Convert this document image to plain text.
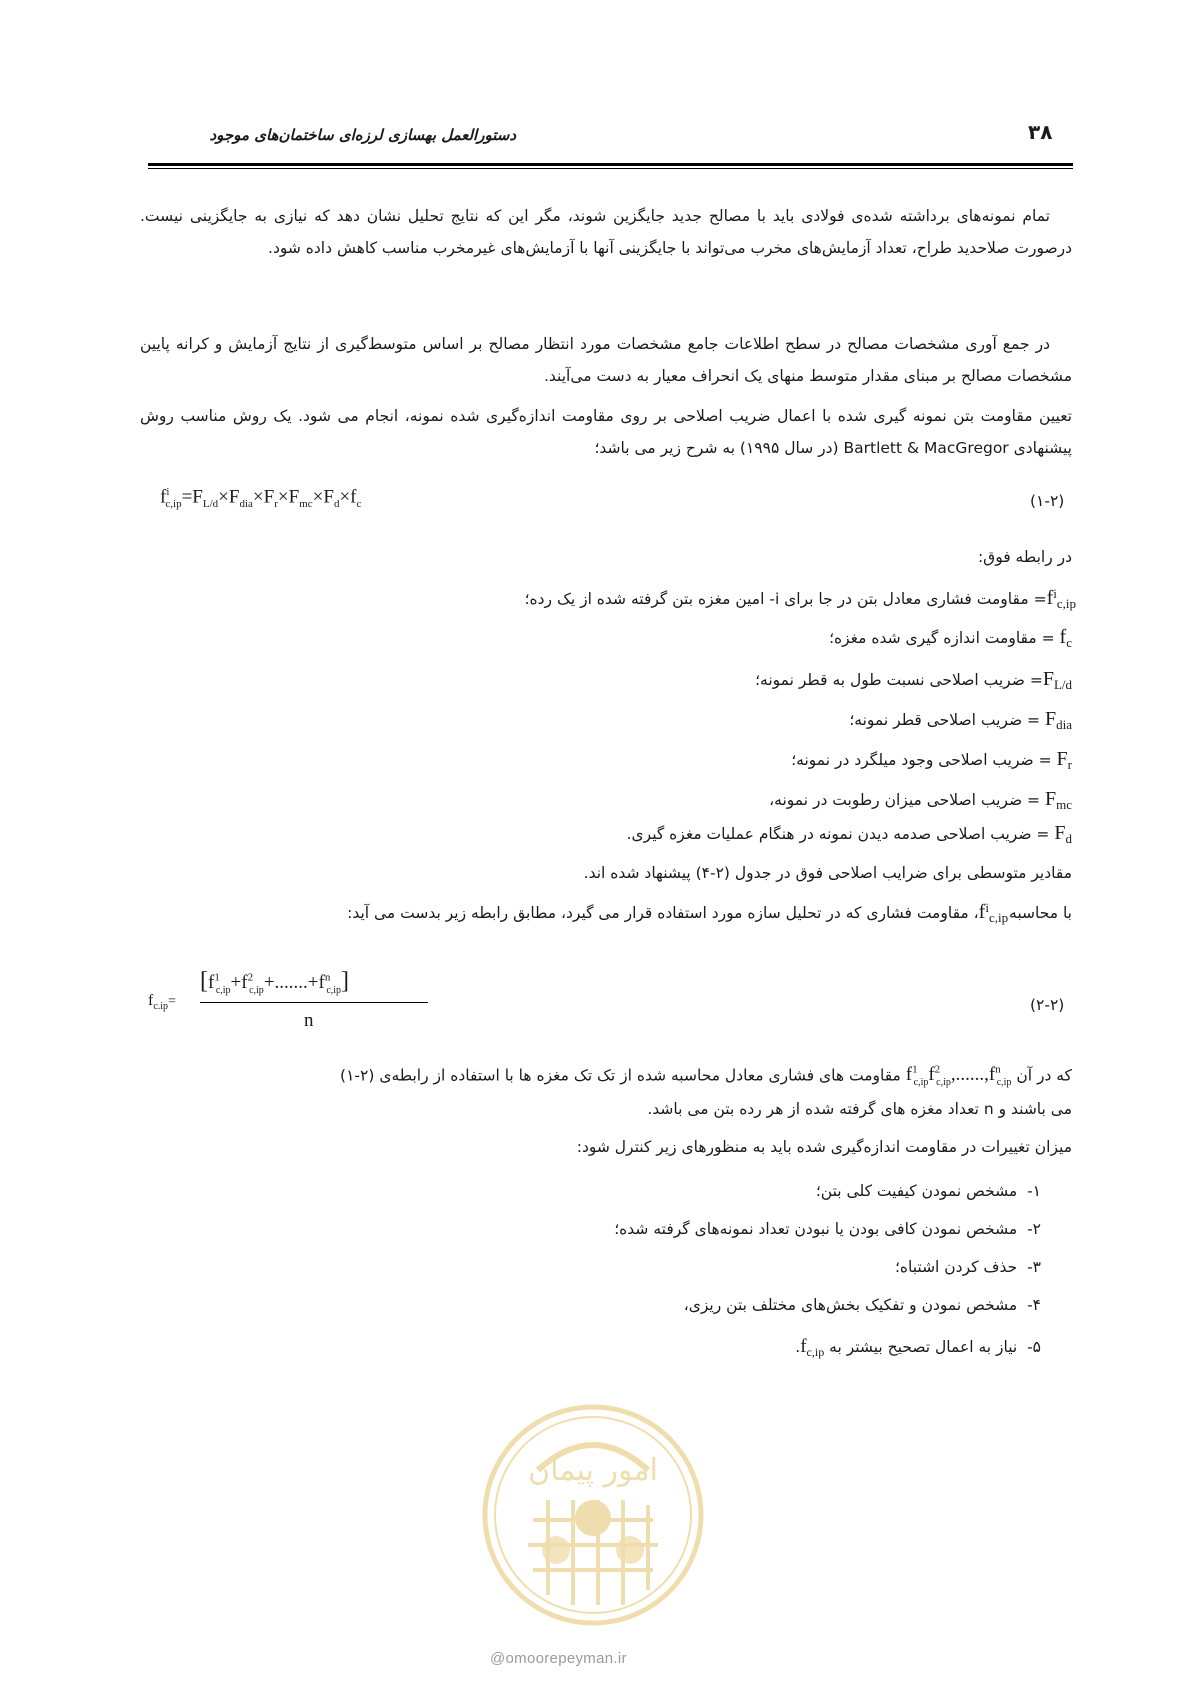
۳۸
دستورالعمل بهسازی لرزه‌ای ساختمان‌های موجود
تمام نمونه‌های برداشته شده‌ی فولادی باید با مصالح جدید جایگزین شوند، مگر این که نتایج تحلیل نشان دهد که نیازی به جایگزینی نیست. درصورت صلاحدید طراح، تعداد آزمایش‌های مخرب می‌تواند با جایگزینی آنها با آزمایش‌های غیرمخرب مناسب کاهش داده شود.
در جمع آوری مشخصات مصالح در سطح اطلاعات جامع مشخصات مورد انتظار مصالح بر اساس متوسط‌گیری از نتایج آزمایش و کرانه پایین مشخصات مصالح بر مبنای مقدار متوسط منهای یک انحراف معیار به دست می‌آیند.
تعیین مقاومت بتن نمونه گیری شده با اعمال ضریب اصلاحی بر روی مقاومت اندازه‌گیری شده نمونه، انجام می شود. یک روش مناسب روش پیشنهادی Bartlett & MacGregor (در سال ۱۹۹۵) به شرح زیر می باشد؛
$f^i_{c,ip}=F_{L/d}\times F_{dia}\times F_r\times F_{mc}\times F_d\times f_c$	(۱-۲)
در رابطه فوق:
$f^i_{c,ip}=$ مقاومت فشاری معادل بتن در جا برای i- امین مغزه بتن گرفته شده از یک رده؛
$f_c$ = مقاومت اندازه گیری شده مغزه؛
$F_{L/d}=$ ضریب اصلاحی نسبت طول به قطر نمونه؛
$F_{dia}$ = ضریب اصلاحی قطر نمونه؛
$F_r$ = ضریب اصلاحی وجود میلگرد در نمونه؛
$F_{mc}$ = ضریب اصلاحی میزان رطوبت در نمونه،
$F_d$ = ضریب اصلاحی صدمه دیدن نمونه در هنگام عملیات مغزه گیری.
مقادیر متوسطی برای ضرایب اصلاحی فوق در جدول (۲-۴) پیشنهاد شده اند.
با محاسبه $f^i_{c,ip}،$ مقاومت فشاری که در تحلیل سازه مورد استفاده قرار می گیرد، مطابق رابطه زیر بدست می آید:
$f_{c.ip}=$
$[f^1_{c,ip}+f^2_{c,ip}+.......+f^n_{c,ip}]$
n
(۲-۲)
که در آن $f^1_{c,ip}f^2_{c,ip},......,f^n_{c,ip}$ مقاومت های فشاری معادل محاسبه شده از تک تک مغزه ها با استفاده از رابطه‌ی (۲-۱)
می باشند و n تعداد مغزه های گرفته شده از هر رده بتن می باشد.
میزان تغییرات در مقاومت اندازه‌گیری شده باید به منظورهای زیر کنترل شود:
۱-  مشخص نمودن کیفیت کلی بتن؛
۲-  مشخص نمودن کافی بودن یا نبودن تعداد نمونه‌های گرفته شده؛
۳-  حذف کردن اشتباه؛
۴-  مشخص نمودن و تفکیک بخش‌های مختلف بتن ریزی،
۵-  نیاز به اعمال تصحیح بیشتر به $f_{c,ip}$.
امور پیمان
@omoorepeyman.ir
